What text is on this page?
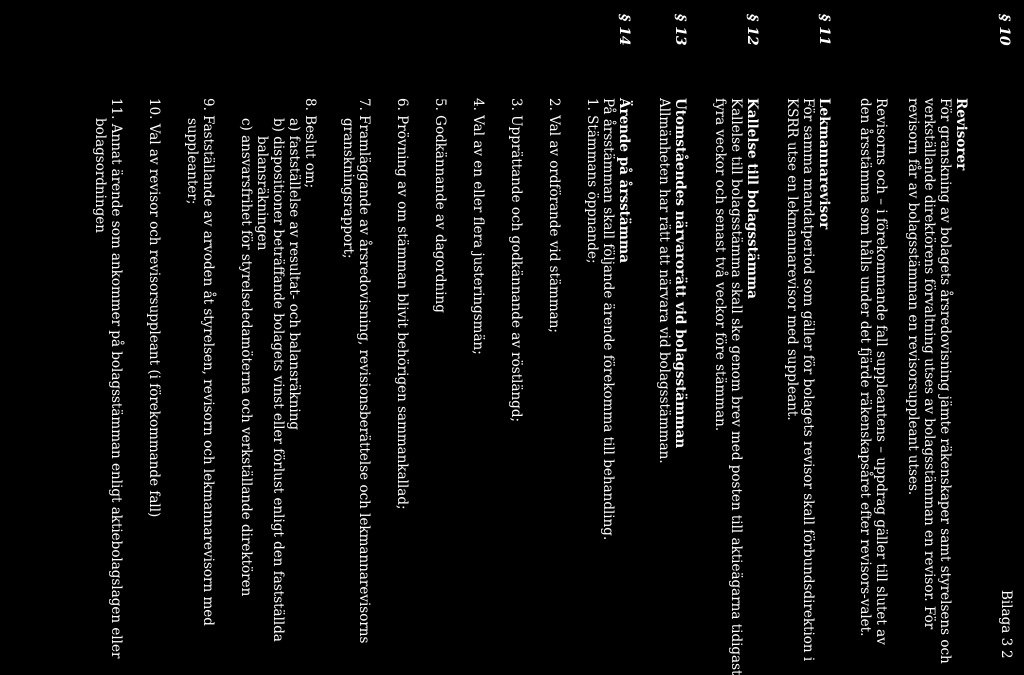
Bilaga 3
2
§ 10
Revisorer
För granskning av bolagets årsredovisning jämte räkenskaper samt styrelsens och
verkställande direktörens förvaltning utses av bolagsstämman en revisor. För
revisorn får av bolagsstämman en revisorsuppleant utses.
Revisorns och – i förekommande fall suppleantens – uppdrag gäller till slutet av
den årsstämma som hålls under det fjärde räkenskapsåret efter revisors-valet.
§ 11
Lekmannarevisor
För samma mandatperiod som gäller för bolagets revisor skall förbundsdirektion i
KSRR utse en lekmannarevisor med suppleant.
§ 12
Kallelse till bolagsstämma
Kallelse till bolagsstämma skall ske genom brev med posten till aktieägarna tidigast
fyra veckor och senast två veckor före stämman.
§ 13
Utomståendes närvarorätt vid bolagsstämman
Allmänheten har rätt att närvara vid bolagsstämman.
§ 14
Ärende på årsstämma
På årsstämman skall följande ärende förekomma till behandling.
1. Stämmans öppnande;
2. Val av ordförande vid stämman;
3. Upprättande och godkännande av röstlängd;
4. Val av en eller flera justeringsmän;
5. Godkännande av dagordning
6. Prövning av om stämman blivit behörigen sammankallad;
7. Framläggande av årsredovisning, revisionsberättelse och lekmannarevisorns
granskningsrapport;
8. Beslut om;
a) fastställelse av resultat- och balansräkning
b) dispositioner beträffande bolagets vinst eller förlust enligt den fastställda
balansräkningen
c) ansvarsfrihet för styrelseledamöterna och verkställande direktören
9. Fastställande av arvoden åt styrelsen, revisorn och lekmannarevisorn med
suppleanter;
10. Val av revisor och revisorsuppleant (i förekommande fall)
11. Annat ärende som ankommer på bolagsstämman enligt aktiebolagslagen eller
bolagsordningen
